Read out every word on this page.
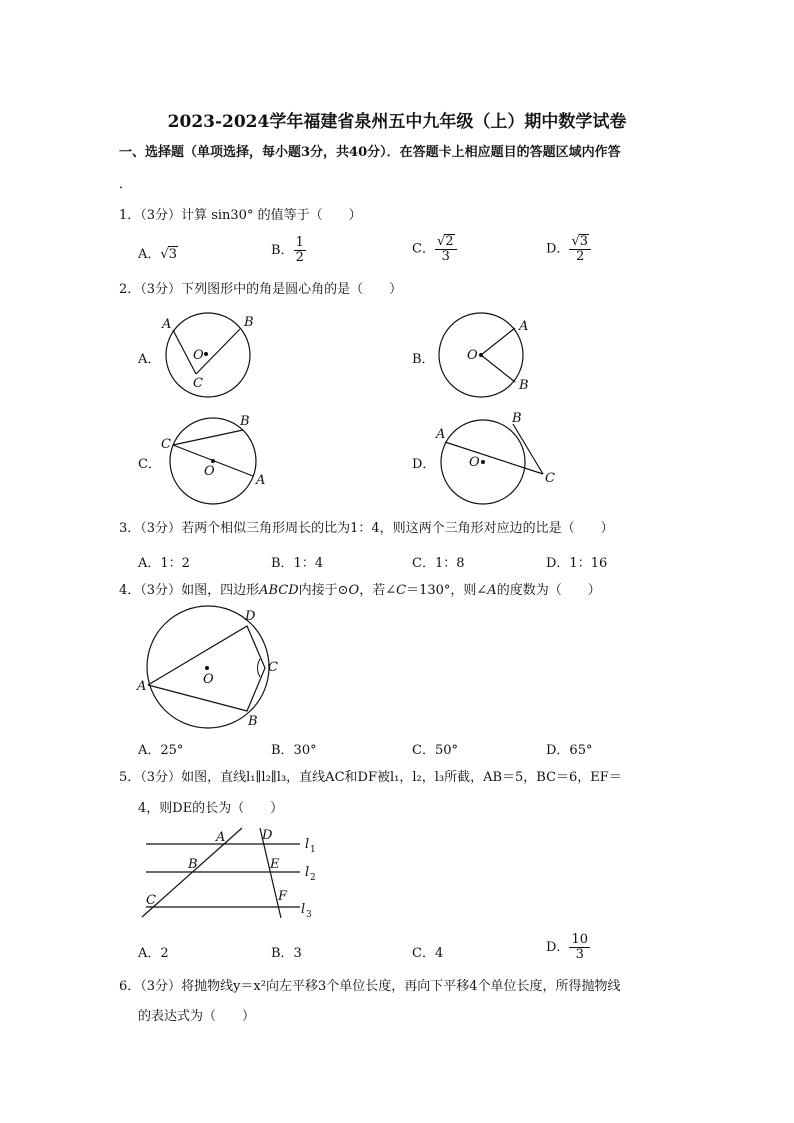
2023-2024学年福建省泉州五中九年级（上）期中数学试卷
一、选择题（单项选择，每小题3分，共40分）．在答题卡上相应题目的答题区域内作答
．
1．（3分）计算 sin30° 的值等于（　　）
A．√3	B． $\frac{1}{2}$	C． $\frac{√2}{3}$	D． $\frac{√3}{2}$
2．（3分）下列图形中的角是圆心角的是（　　）
A．
A	B
C
O	B．
A
B
O
C．
C
B
A
O	D．
A
B
C
O
3．（3分）若两个相似三角形周长的比为1：4，则这两个三角形对应边的比是（　　）
A．1：2	B．1：4	C．1：8	D．1：16
4．（3分）如图，四边形ABCD内接于⊙O，若∠C＝130°，则∠A的度数为（　　）
A
D
C
B
O
A．25°	B．30°	C．50°	D．65°
5．（3分）如图，直线l₁∥l₂∥l₃，直线AC和DF被l₁，l₂，l₃所截，AB＝5，BC＝6，EF＝
4，则DE的长为（　　）
A
B
C
D
E
F
l 1
l 2
l 3
A．2	B．3	C．4	D． $\frac{10}{3}$
6．（3分）将抛物线y＝x²向左平移3个单位长度，再向下平移4个单位长度，所得抛物线
的表达式为（　　）
